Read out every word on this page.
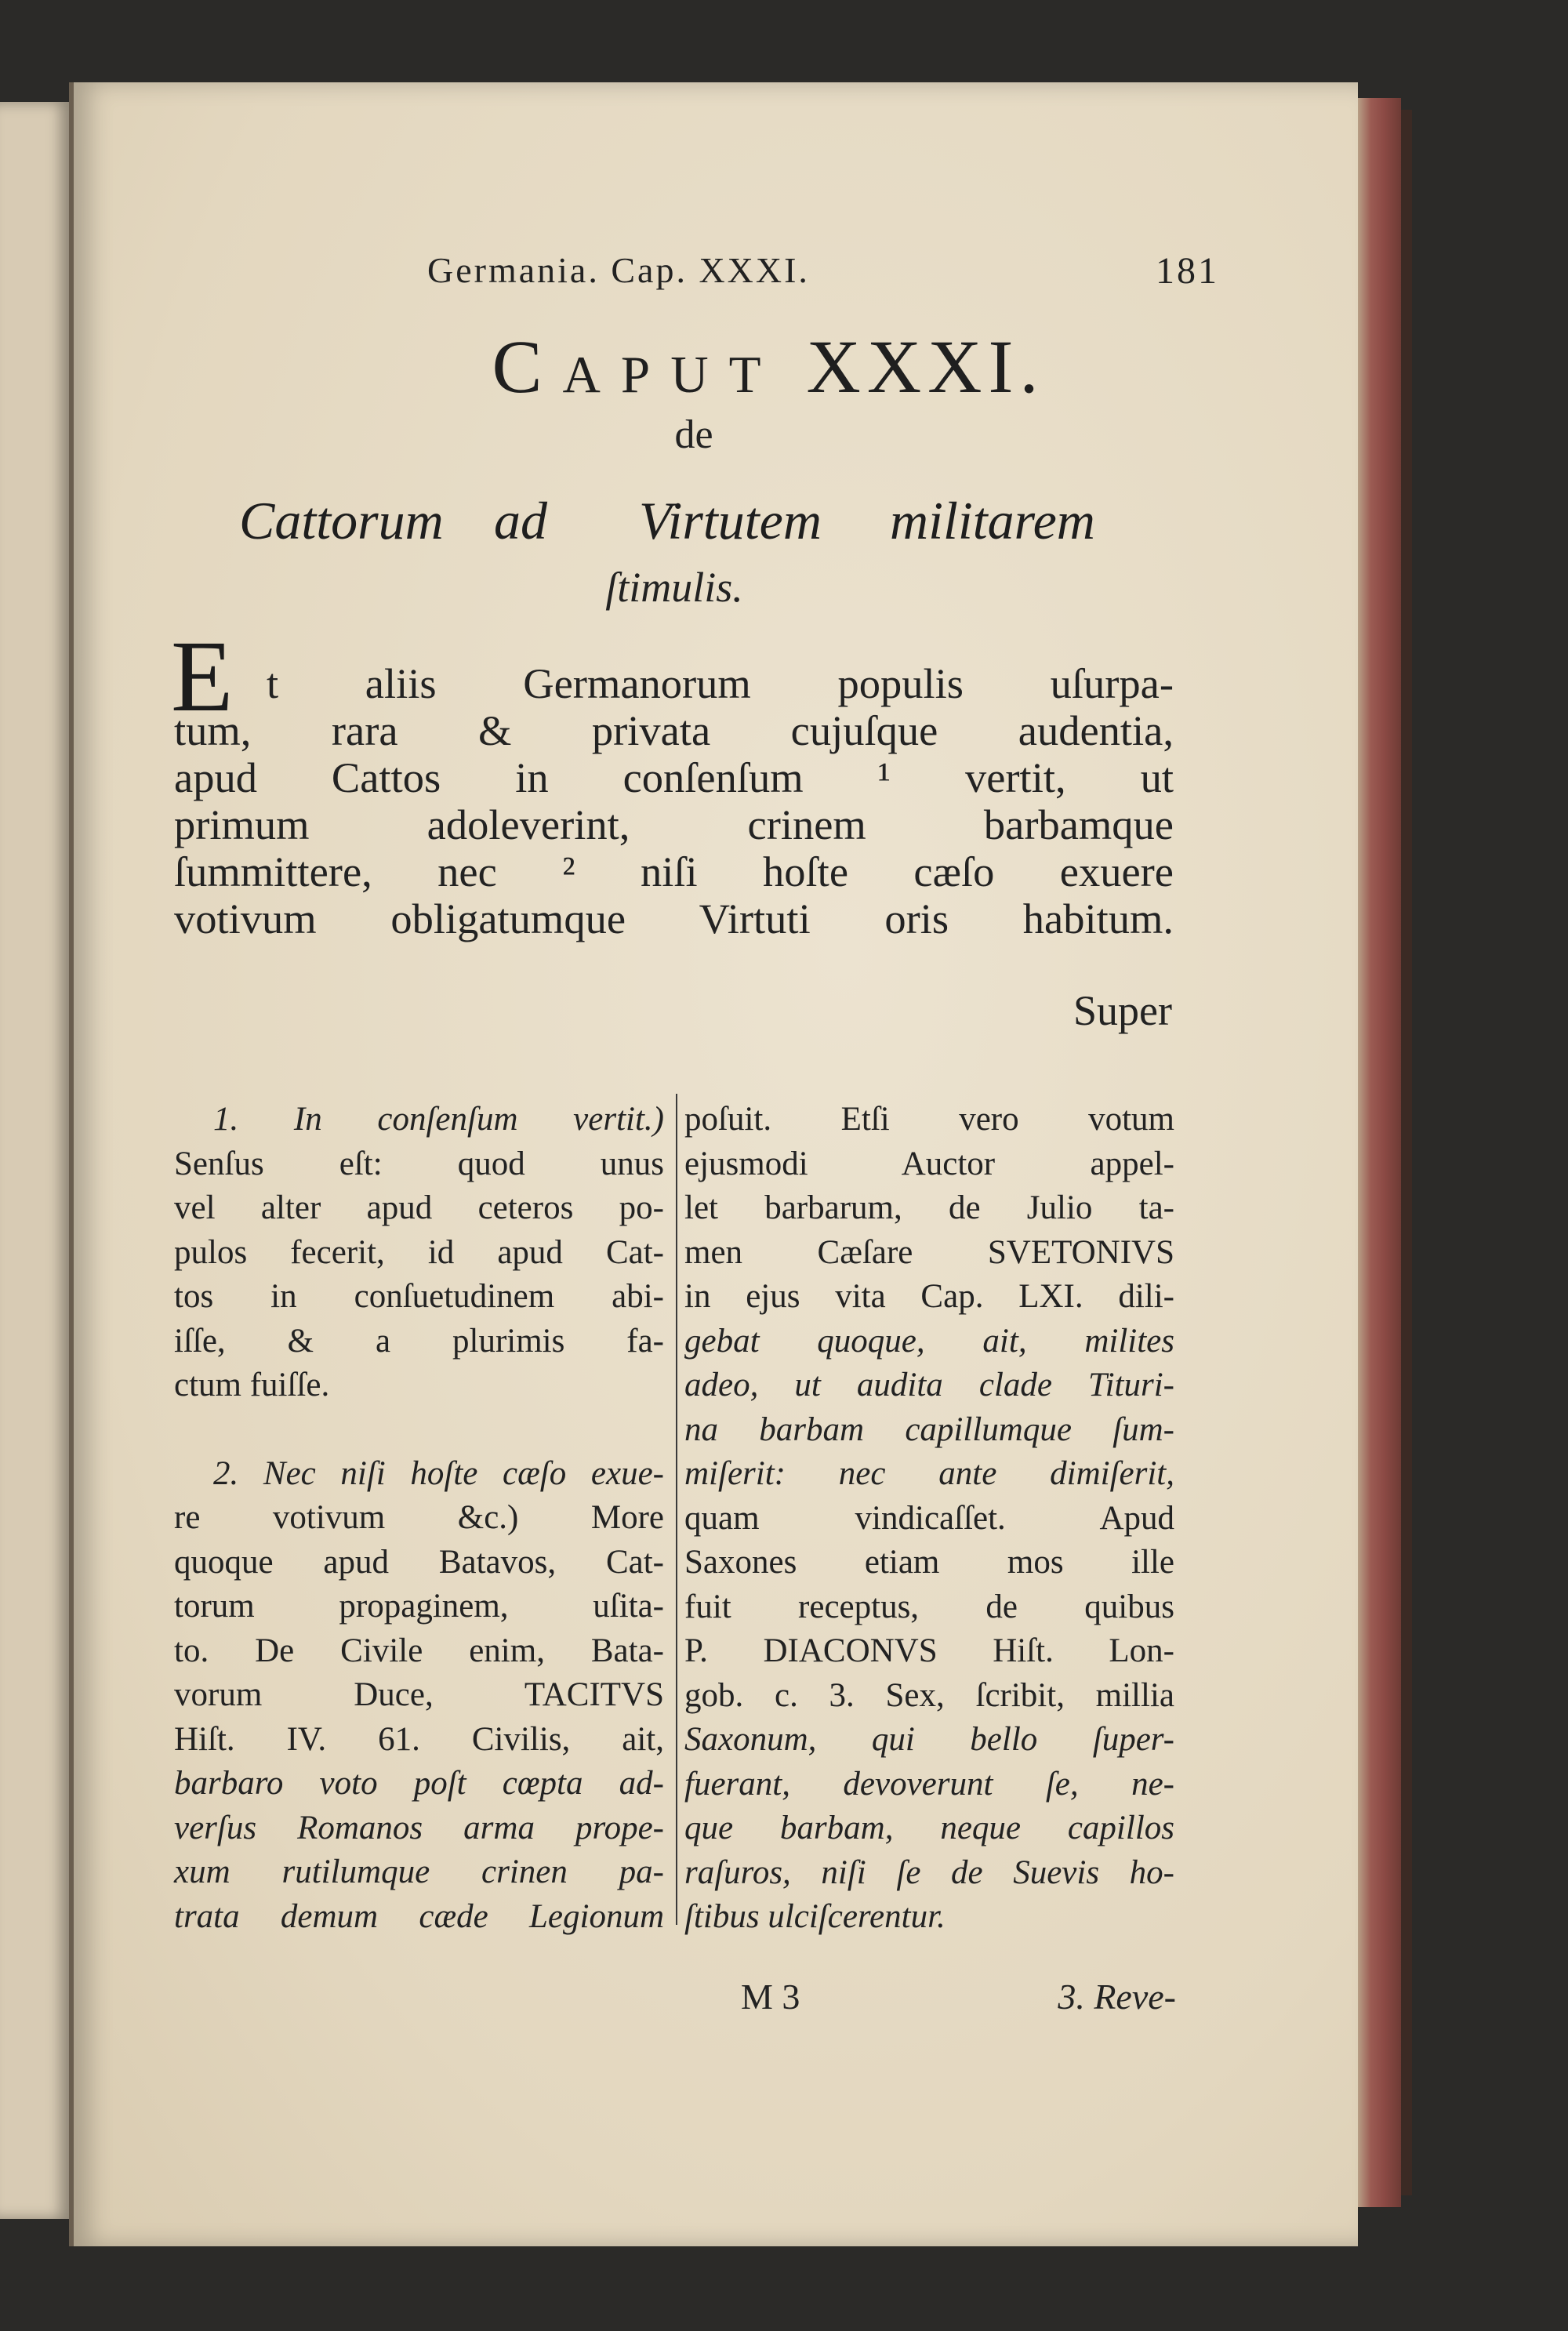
Germania. Cap. XXXI.	181
Caput XXXI.
de
Cattorum ad Virtutem militarem
ſtimulis.
E t aliis Germanorum populis uſurpa-
tum, rara & privata cujuſque audentia,
apud Cattos in conſenſum ¹ vertit, ut
primum adoleverint, crinem barbamque
ſummittere, nec ² niſi hoſte cæſo exuere
votivum obligatumque Virtuti oris habitum.
Super
1. In conſenſum vertit.)
Senſus eſt: quod unus
vel alter apud ceteros po-
pulos fecerit, id apud Cat-
tos in conſuetudinem abi-
iſſe, & a plurimis fa-
ctum fuiſſe.
2. Nec niſi hoſte cæſo exue-
re votivum &c.) More
quoque apud Batavos, Cat-
torum propaginem, uſita-
to. De Civile enim, Bata-
vorum Duce, TACITVS
Hiſt. IV. 61. Civilis, ait,
barbaro voto poſt cœpta ad-
verſus Romanos arma prope-
xum rutilumque crinen pa-
trata demum cæde Legionum
poſuit. Etſi vero votum
ejusmodi Auctor appel-
let barbarum, de Julio ta-
men Cæſare SVETONIVS
in ejus vita Cap. LXI. dili-
gebat quoque, ait, milites
adeo, ut audita clade Tituri-
na barbam capillumque ſum-
miſerit: nec ante dimiſerit,
quam vindicaſſet. Apud
Saxones etiam mos ille
fuit receptus, de quibus
P. DIACONVS Hiſt. Lon-
gob. c. 3. Sex, ſcribit, millia
Saxonum, qui bello ſuper-
fuerant, devoverunt ſe, ne-
que barbam, neque capillos
raſuros, niſi ſe de Suevis ho-
ſtibus ulciſcerentur.
M 3	3. Reve-
